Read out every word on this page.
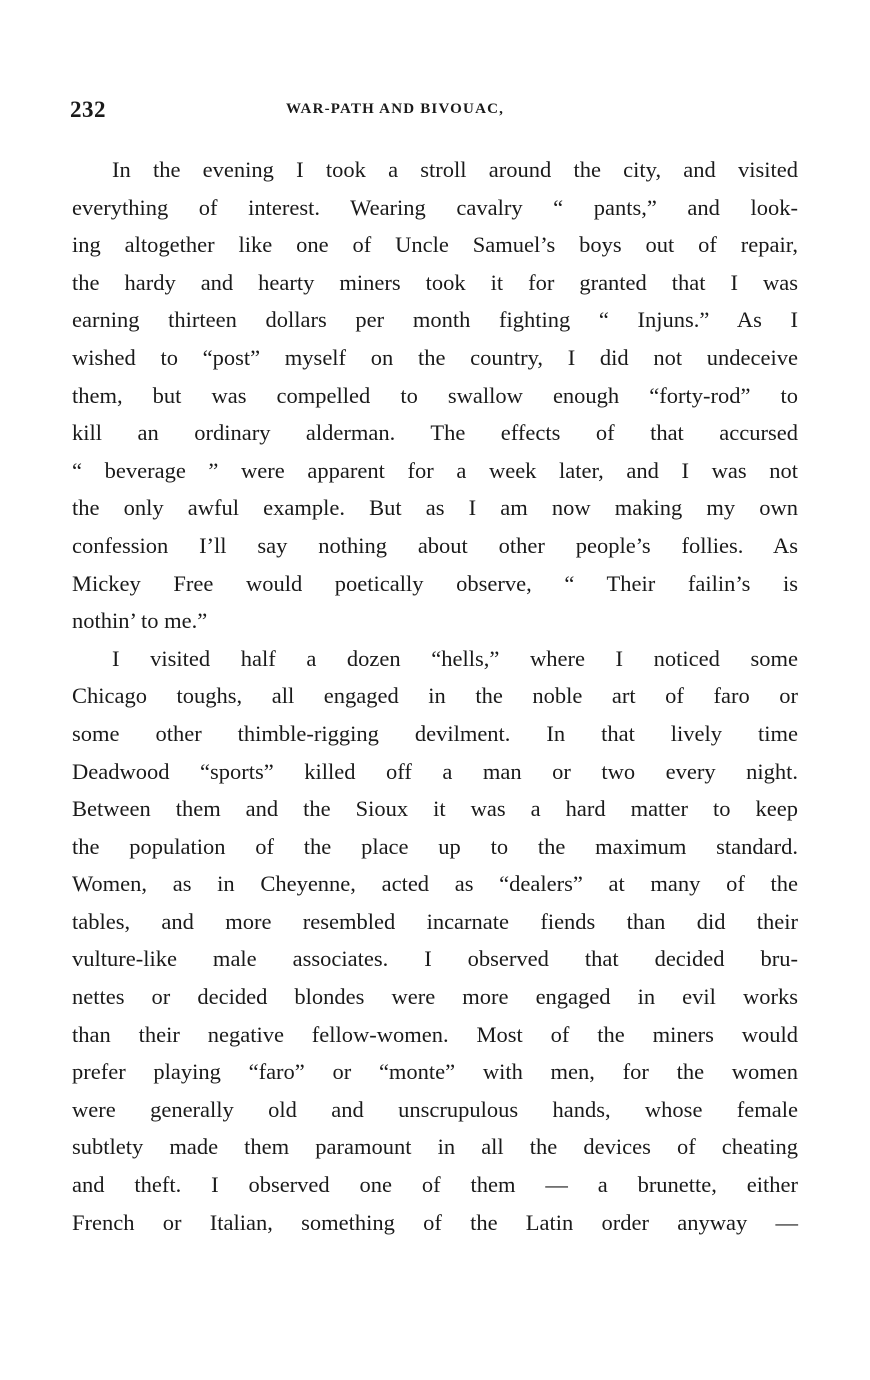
232	WAR-PATH AND BIVOUAC,
In the evening I took a stroll around the city, and visited
everything of interest. Wearing cavalry “ pants,” and look-
ing altogether like one of Uncle Samuel’s boys out of repair,
the hardy and hearty miners took it for granted that I was
earning thirteen dollars per month fighting “ Injuns.” As I
wished to “post” myself on the country, I did not undeceive
them, but was compelled to swallow enough “forty-rod” to
kill an ordinary alderman. The effects of that accursed
“ beverage ” were apparent for a week later, and I was not
the only awful example. But as I am now making my own
confession I’ll say nothing about other people’s follies. As
Mickey Free would poetically observe, “ Their failin’s is
nothin’ to me.”
I visited half a dozen “hells,” where I noticed some
Chicago toughs, all engaged in the noble art of faro or
some other thimble-rigging devilment. In that lively time
Deadwood “sports” killed off a man or two every night.
Between them and the Sioux it was a hard matter to keep
the population of the place up to the maximum standard.
Women, as in Cheyenne, acted as “dealers” at many of the
tables, and more resembled incarnate fiends than did their
vulture-like male associates. I observed that decided bru-
nettes or decided blondes were more engaged in evil works
than their negative fellow-women. Most of the miners would
prefer playing “faro” or “monte” with men, for the women
were generally old and unscrupulous hands, whose female
subtlety made them paramount in all the devices of cheating
and theft. I observed one of them — a brunette, either
French or Italian, something of the Latin order anyway —
